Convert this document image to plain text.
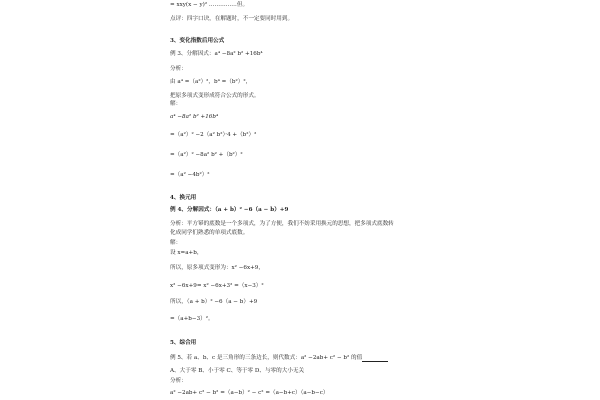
= xxy(x − y)² ……………但。
点评：四字口诀，在解题时，不一定要同时用到。
3、变化指数后用公式
例 3、分解因式：a⁴ −8a² b² +16b⁴
分析：
由 a⁴ =（a²）²，b⁴ =（b²）²，
把原多项式变形成符合公式的形式。
解：
a⁴ −8a² b² +16b⁴
=（a²）² −2（a² b²）·4 +（b²）²
=（a²）² −8a² b² +（b²）²
=（a² −4b²）²
4、换元用
例 4、分解因式：（a + b）² −6（a − b）+9
分析：平方幂的底数是一个多项式，为了方便，我们不妨采用换元的思想，把多项式底数转
化成同学们熟悉的单项式底数。
解：
设 x=a+b，
所以，原多项式变形为：x² −6x+9，
x² −6x+9= x² −6x+3² =（x−3）²
所以，（a + b）² −6（a − b）+9
=（a+b−3）²。
5、综合用
例 5、若 a、b、c 是三角形的三条边长，则代数式：a² −2ab+ c² − b² 的值
A、大于零 B、小于零 C、等于零 D、与零的大小无关
分析：
a² −2ab+ c² − b² =（a−b）² − c² =（a−b+c）（a−b−c）
